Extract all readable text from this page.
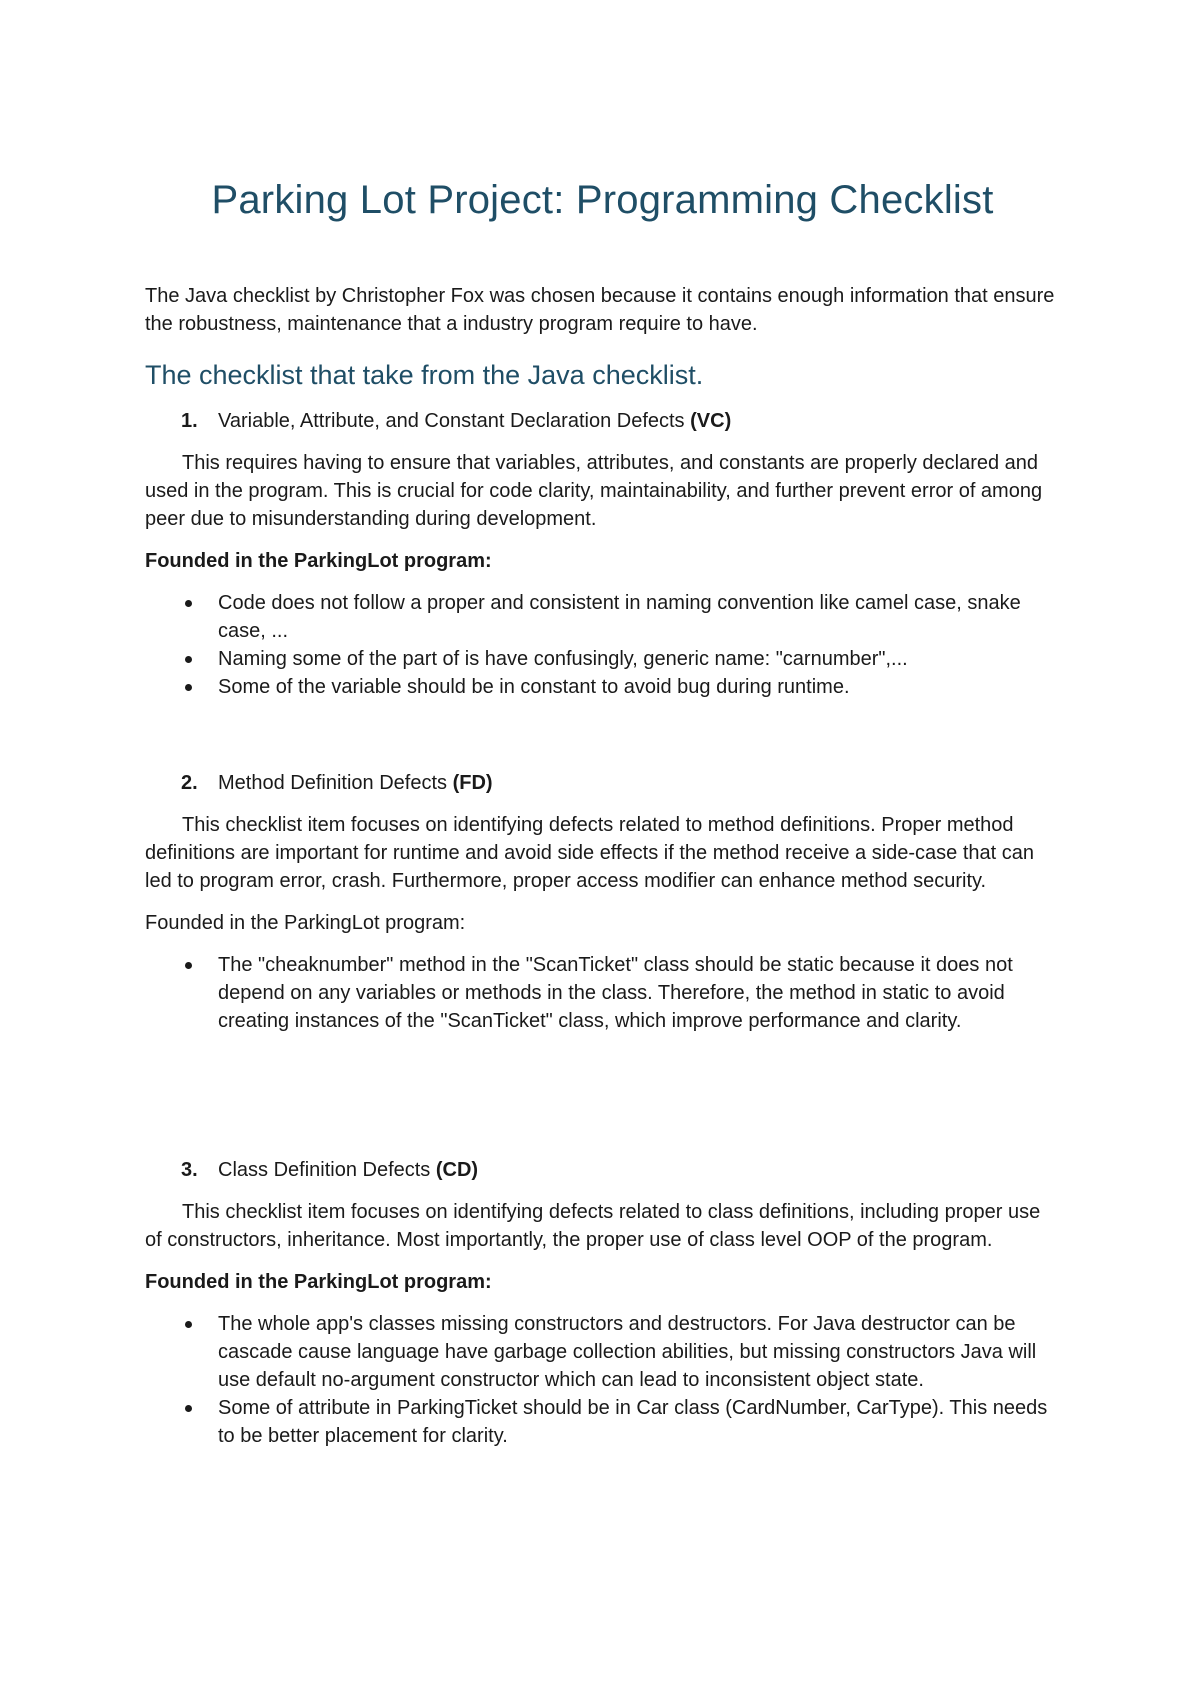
Parking Lot Project: Programming Checklist

The Java checklist by Christopher Fox was chosen because it contains enough information that ensure the robustness, maintenance that a industry program require to have.

The checklist that take from the Java checklist.

1. Variable, Attribute, and Constant Declaration Defects (VC)

This requires having to ensure that variables, attributes, and constants are properly declared and used in the program. This is crucial for code clarity, maintainability, and further prevent error of among peer due to misunderstanding during development.

Founded in the ParkingLot program:

Code does not follow a proper and consistent in naming convention like camel case, snake case, ...
Naming some of the part of is have confusingly, generic name: "carnumber",...
Some of the variable should be in constant to avoid bug during runtime.

2. Method Definition Defects (FD)

This checklist item focuses on identifying defects related to method definitions. Proper method definitions are important for runtime and avoid side effects if the method receive a side-case that can led to program error, crash. Furthermore, proper access modifier can enhance method security.

Founded in the ParkingLot program:

The "cheaknumber" method in the "ScanTicket" class should be static because it does not depend on any variables or methods in the class. Therefore, the method in static to avoid creating instances of the "ScanTicket" class, which improve performance and clarity.

3. Class Definition Defects (CD)

This checklist item focuses on identifying defects related to class definitions, including proper use of constructors, inheritance. Most importantly, the proper use of class level OOP of the program.

Founded in the ParkingLot program:

The whole app's classes missing constructors and destructors. For Java destructor can be cascade cause language have garbage collection abilities, but missing constructors Java will use default no-argument constructor which can lead to inconsistent object state.
Some of attribute in ParkingTicket should be in Car class (CardNumber, CarType). This needs to be better placement for clarity.
